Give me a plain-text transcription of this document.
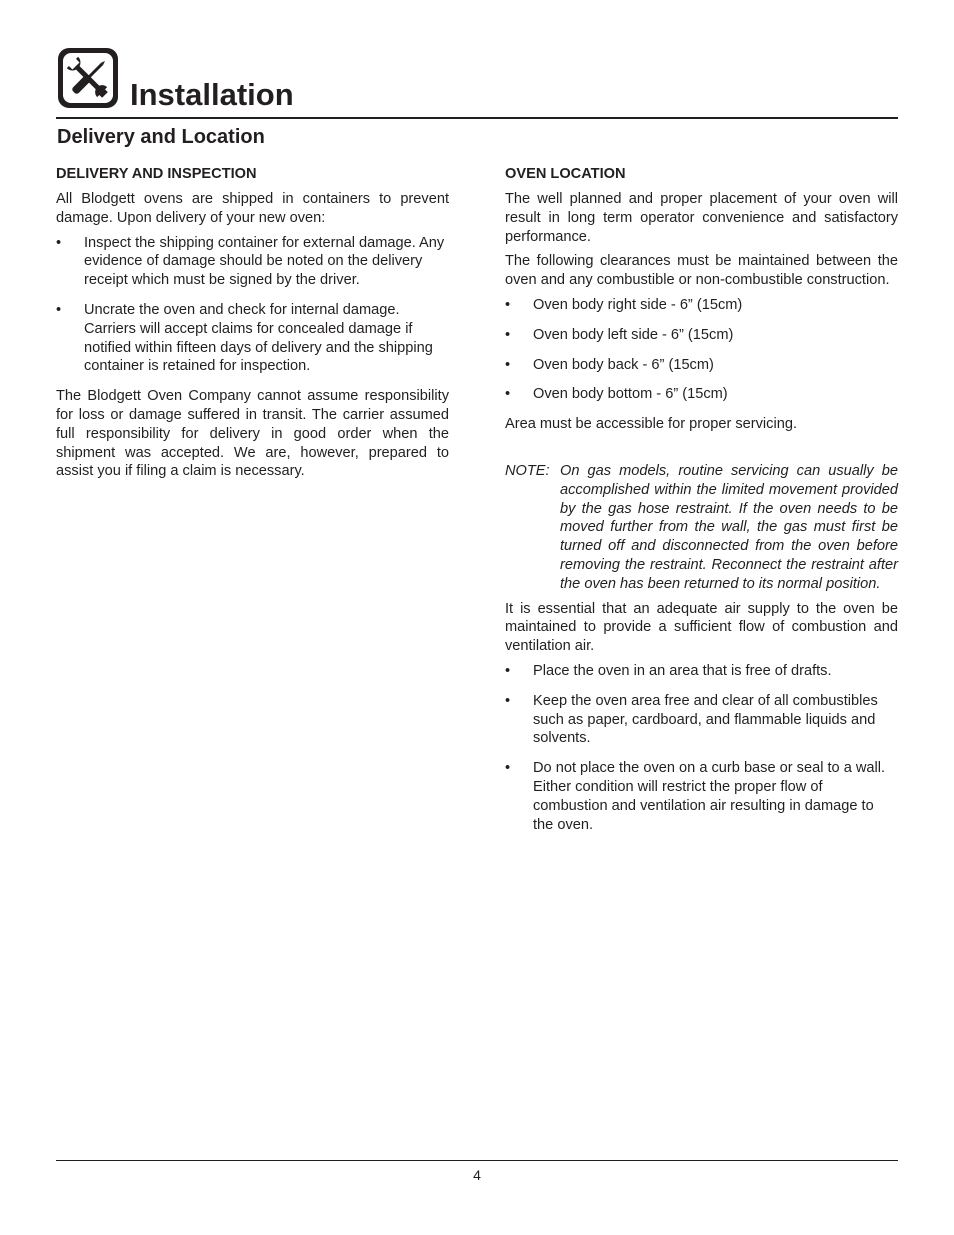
Installation
Delivery and Location
DELIVERY AND INSPECTION

All Blodgett ovens are shipped in containers to prevent damage. Upon delivery of your new oven:

• Inspect the shipping container for external damage. Any evidence of damage should be noted on the delivery receipt which must be signed by the driver.
• Uncrate the oven and check for internal damage. Carriers will accept claims for concealed damage if notified within fifteen days of delivery and the shipping container is retained for inspection.

The Blodgett Oven Company cannot assume responsibility for loss or damage suffered in transit. The carrier assumed full responsibility for delivery in good order when the shipment was accepted. We are, however, prepared to assist you if filing a claim is necessary.

OVEN LOCATION

The well planned and proper placement of your oven will result in long term operator convenience and satisfactory performance.

The following clearances must be maintained between the oven and any combustible or non-combustible construction.

• Oven body right side - 6” (15cm)
• Oven body left side - 6” (15cm)
• Oven body back - 6” (15cm)
• Oven body bottom - 6” (15cm)

Area must be accessible for proper servicing.

NOTE: On gas models, routine servicing can usually be accomplished within the limited movement provided by the gas hose restraint. If the oven needs to be moved further from the wall, the gas must first be turned off and disconnected from the oven before removing the restraint. Reconnect the restraint after the oven has been returned to its normal position.

It is essential that an adequate air supply to the oven be maintained to provide a sufficient flow of combustion and ventilation air.

• Place the oven in an area that is free of drafts.
• Keep the oven area free and clear of all combustibles such as paper, cardboard, and flammable liquids and solvents.
• Do not place the oven on a curb base or seal to a wall. Either condition will restrict the proper flow of combustion and ventilation air resulting in damage to the oven.
4
